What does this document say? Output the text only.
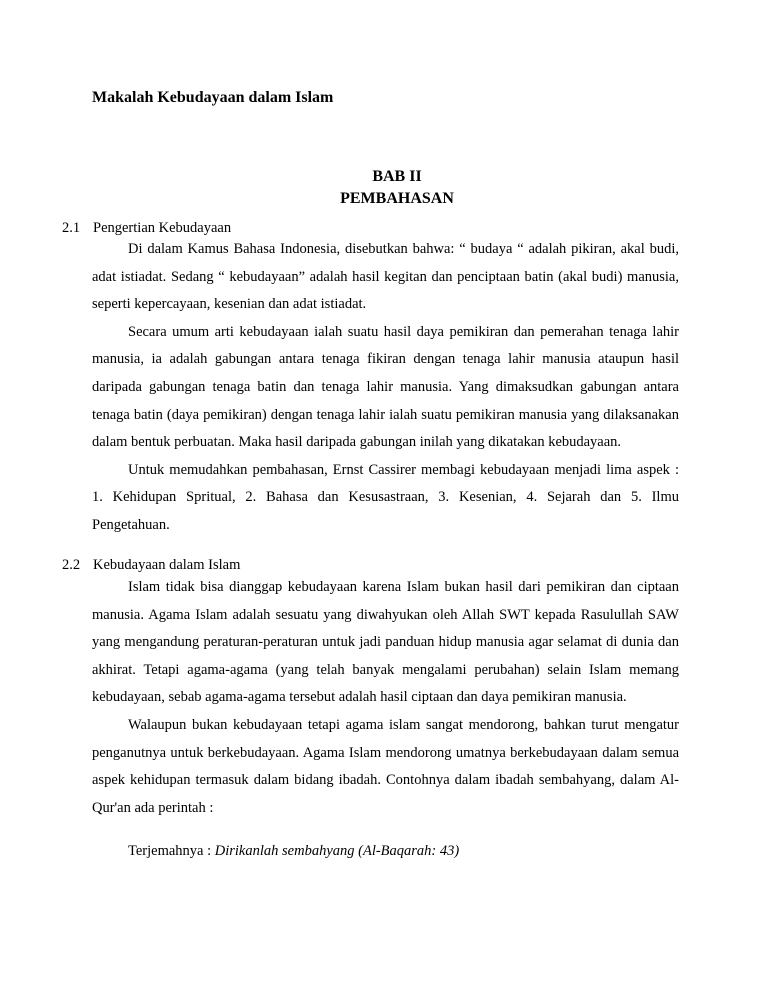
Makalah Kebudayaan dalam Islam
BAB II
PEMBAHASAN
2.1 Pengertian Kebudayaan

Di dalam Kamus Bahasa Indonesia, disebutkan bahwa: “ budaya “ adalah pikiran, akal budi, adat istiadat. Sedang “ kebudayaan” adalah hasil kegitan dan penciptaan batin (akal budi) manusia, seperti kepercayaan, kesenian dan adat istiadat.

Secara umum arti kebudayaan ialah suatu hasil daya pemikiran dan pemerahan tenaga lahir manusia, ia adalah gabungan antara tenaga fikiran dengan tenaga lahir manusia ataupun hasil daripada gabungan tenaga batin dan tenaga lahir manusia. Yang dimaksudkan gabungan antara tenaga batin (daya pemikiran) dengan tenaga lahir ialah suatu pemikiran manusia yang dilaksanakan dalam bentuk perbuatan. Maka hasil daripada gabungan inilah yang dikatakan kebudayaan.

Untuk memudahkan pembahasan, Ernst Cassirer membagi kebudayaan menjadi lima aspek : 1. Kehidupan Spritual, 2. Bahasa dan Kesusastraan, 3. Kesenian, 4. Sejarah dan 5. Ilmu Pengetahuan.

2.2 Kebudayaan dalam Islam

Islam tidak bisa dianggap kebudayaan karena Islam bukan hasil dari pemikiran dan ciptaan manusia. Agama Islam adalah sesuatu yang diwahyukan oleh Allah SWT kepada Rasulullah SAW yang mengandung peraturan-peraturan untuk jadi panduan hidup manusia agar selamat di dunia dan akhirat. Tetapi agama-agama (yang telah banyak mengalami perubahan) selain Islam memang kebudayaan, sebab agama-agama tersebut adalah hasil ciptaan dan daya pemikiran manusia.

Walaupun bukan kebudayaan tetapi agama islam sangat mendorong, bahkan turut mengatur penganutnya untuk berkebudayaan. Agama Islam mendorong umatnya berkebudayaan dalam semua aspek kehidupan termasuk dalam bidang ibadah. Contohnya dalam ibadah sembahyang, dalam Al-Qur'an ada perintah :

Terjemahnya : Dirikanlah sembahyang (Al-Baqarah: 43)
